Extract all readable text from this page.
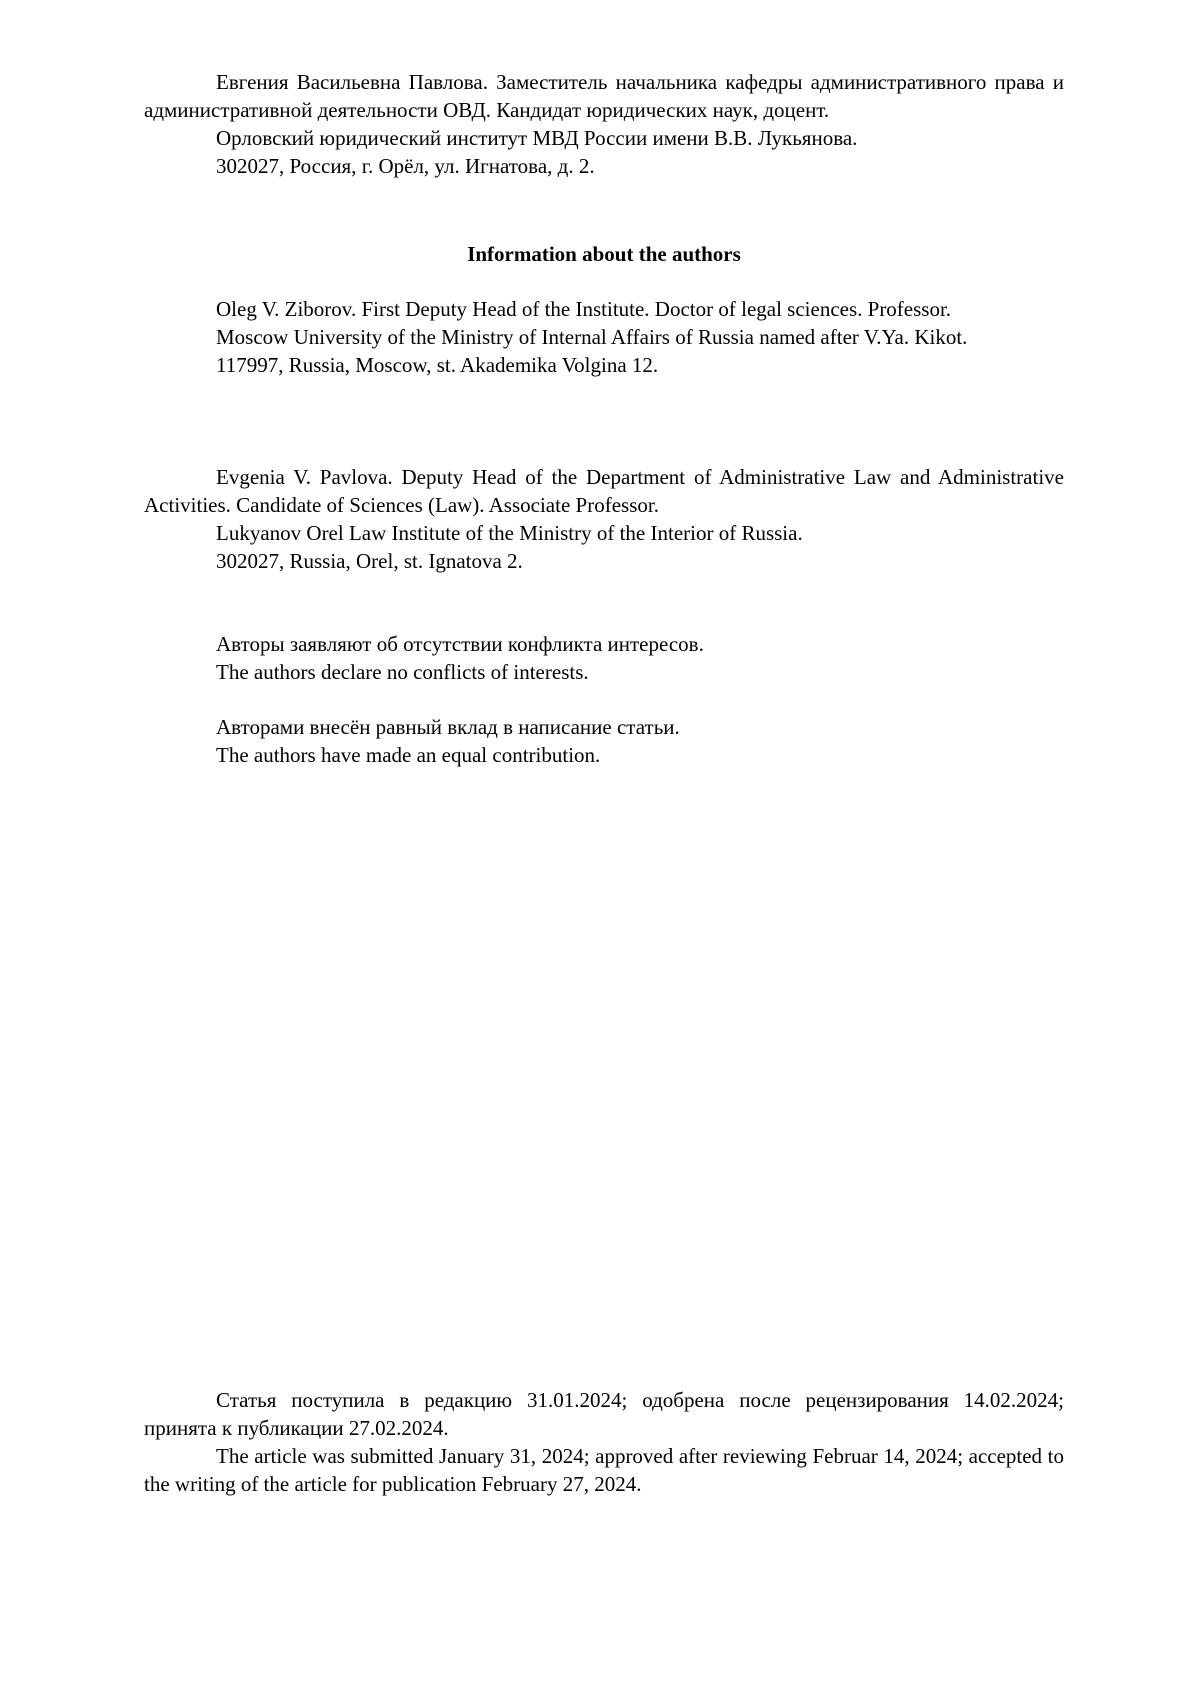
Евгения Васильевна Павлова. Заместитель начальника кафедры административного права и административной деятельности ОВД. Кандидат юридических наук, доцент.

Орловский юридический институт МВД России имени В.В. Лукьянова.

302027, Россия, г. Орёл, ул. Игнатова, д. 2.

Information about the authors

Oleg V. Ziborov. First Deputy Head of the Institute. Doctor of legal sciences. Professor.

Moscow University of the Ministry of Internal Affairs of Russia named after V.Ya. Kikot.

117997, Russia, Moscow, st. Akademika Volgina 12.

Evgenia V. Pavlova. Deputy Head of the Department of Administrative Law and Administrative Activities. Candidate of Sciences (Law). Associate Professor.

Lukyanov Orel Law Institute of the Ministry of the Interior of Russia.

302027, Russia, Orel, st. Ignatova 2.

Авторы заявляют об отсутствии конфликта интересов.

The authors declare no conflicts of interests.

Авторами внесён равный вклад в написание статьи.

The authors have made an equal contribution.

Статья поступила в редакцию 31.01.2024; одобрена после рецензирования 14.02.2024; принята к публикации 27.02.2024.

The article was submitted January 31, 2024; approved after reviewing Februar 14, 2024; accepted to the writing of the article for publication February 27, 2024.
